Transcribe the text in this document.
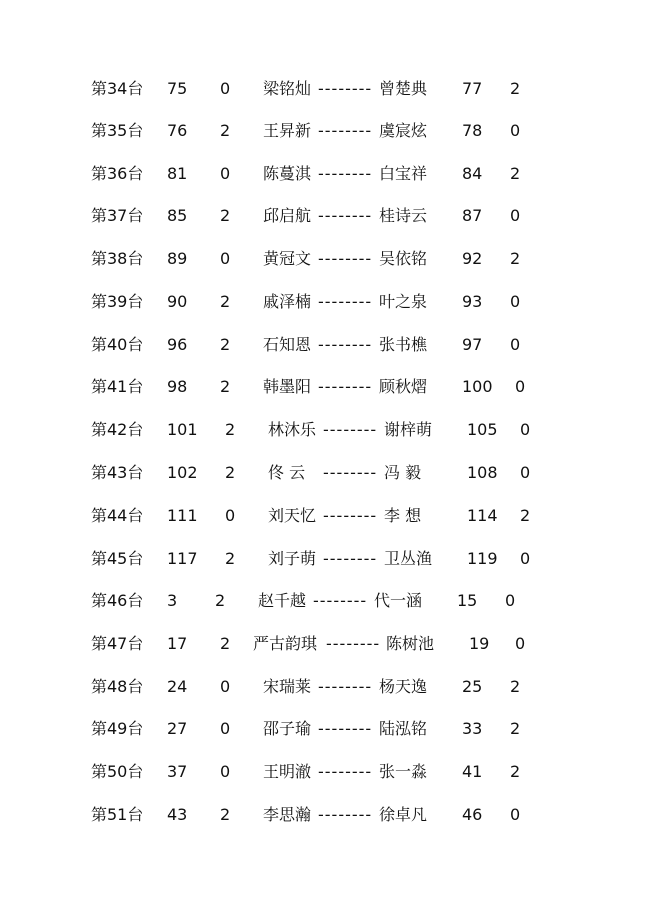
第34台 75 0 梁铭灿 -------- 曾楚典 77 2
第35台 76 2 王昇新 -------- 虞宸炫 78 0
第36台 81 0 陈蔓淇 -------- 白宝祥 84 2
第37台 85 2 邱启航 -------- 桂诗云 87 0
第38台 89 0 黄冠文 -------- 吴依铭 92 2
第39台 90 2 戚泽楠 -------- 叶之泉 93 0
第40台 96 2 石知恩 -------- 张书樵 97 0
第41台 98 2 韩墨阳 -------- 顾秋熠 100 0
第42台 101 2 林沐乐 -------- 谢梓萌 105 0
第43台 102 2 佟 云 -------- 冯 毅	108 0
第44台 111 0 刘天忆 -------- 李 想	114 2
第45台 117 2 刘子萌 -------- 卫丛渔 119 0
第46台 3 2 赵千越 -------- 代一涵 15 0
第47台 17 2 严古韵琪 -------- 陈树池 19 0
第48台 24 0 宋瑞莱 -------- 杨天逸 25 2
第49台 27 0 邵子瑜 -------- 陆泓铭 33 2
第50台 37 0 王明澈 -------- 张一淼 41 2
第51台 43 2 李思瀚 -------- 徐卓凡 46 0
